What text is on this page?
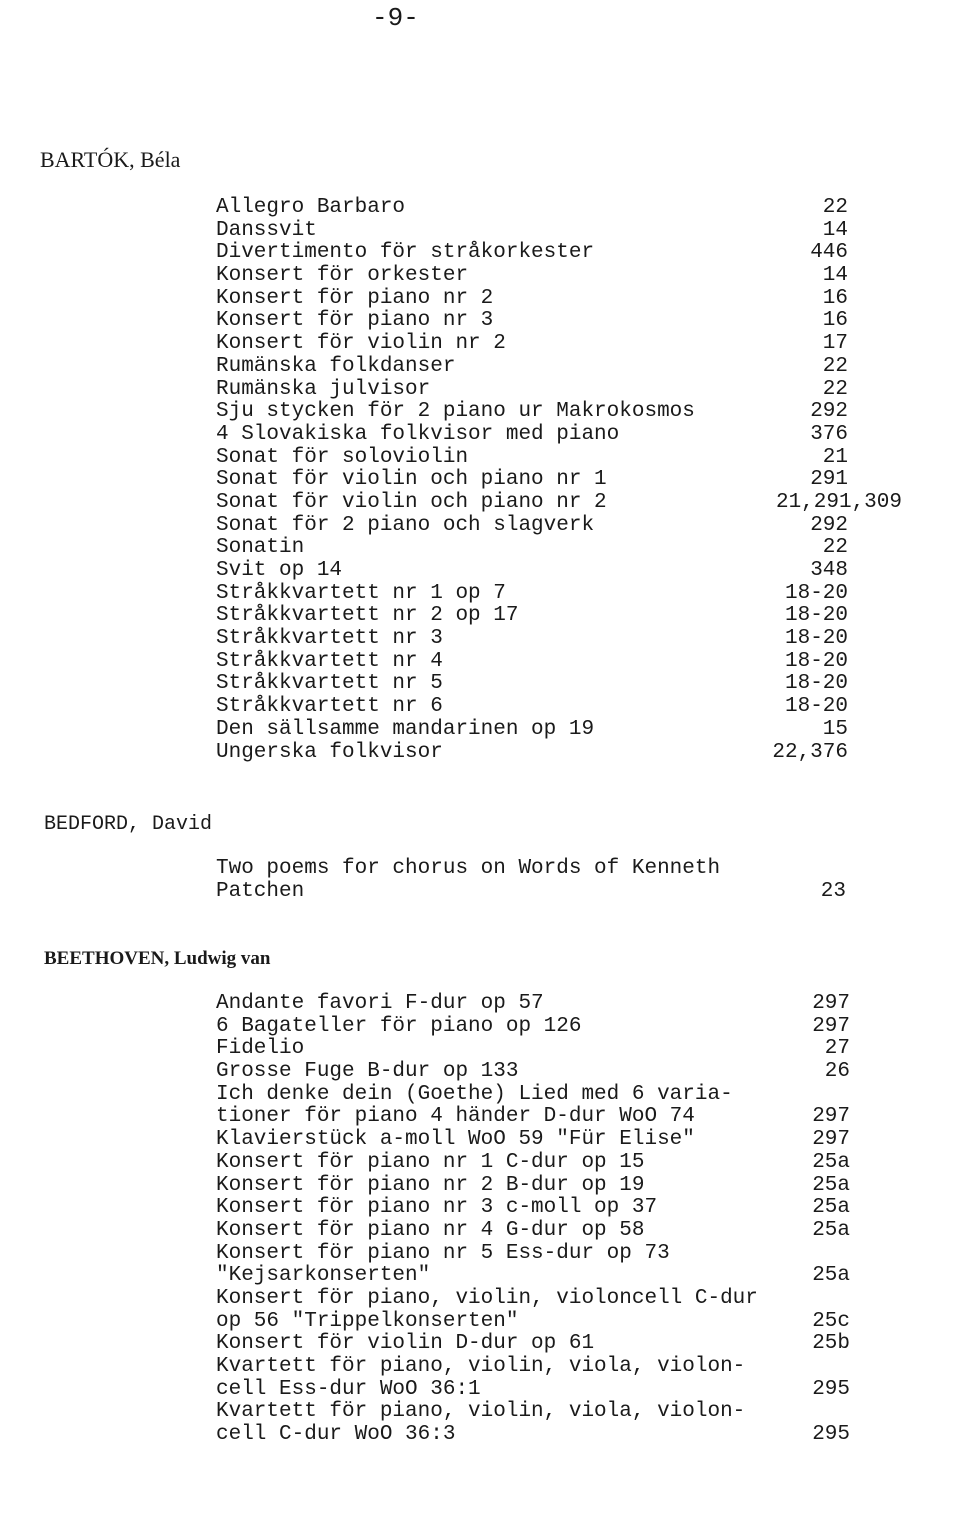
-9-
BARTÓK, Béla
Allegro Barbaro	22
Danssvit	14
Divertimento för stråkorkester	446
Konsert för orkester	14
Konsert för piano nr 2	16
Konsert för piano nr 3	16
Konsert för violin nr 2	17
Rumänska folkdanser	22
Rumänska julvisor	22
Sju stycken för 2 piano ur Makrokosmos	292
4 Slovakiska folkvisor med piano	376
Sonat för soloviolin	21
Sonat för violin och piano nr 1	291
Sonat för violin och piano nr 2	21,291,309
Sonat för 2 piano och slagverk	292
Sonatin	22
Svit op 14	348
Stråkkvartett nr 1 op 7	18-20
Stråkkvartett nr 2 op 17	18-20
Stråkkvartett nr 3	18-20
Stråkkvartett nr 4	18-20
Stråkkvartett nr 5	18-20
Stråkkvartett nr 6	18-20
Den sällsamme mandarinen op 19	15
Ungerska folkvisor	22,376
BEDFORD, David
Two poems for chorus on Words of Kenneth
Patchen	23
BEETHOVEN, Ludwig van
Andante favori F-dur op 57	297
6 Bagateller för piano op 126	297
Fidelio	27
Grosse Fuge B-dur op 133	26
Ich denke dein (Goethe) Lied med 6 varia-
tioner för piano 4 händer D-dur WoO 74	297
Klavierstück a-moll WoO 59 "Für Elise"	297
Konsert för piano nr 1 C-dur op 15	25a
Konsert för piano nr 2 B-dur op 19	25a
Konsert för piano nr 3 c-moll op 37	25a
Konsert för piano nr 4 G-dur op 58	25a
Konsert för piano nr 5 Ess-dur op 73
"Kejsarkonserten"	25a
Konsert för piano, violin, violoncell C-dur
op 56 "Trippelkonserten"	25c
Konsert för violin D-dur op 61	25b
Kvartett för piano, violin, viola, violon-
cell Ess-dur WoO 36:1	295
Kvartett för piano, violin, viola, violon-
cell C-dur WoO 36:3	295
